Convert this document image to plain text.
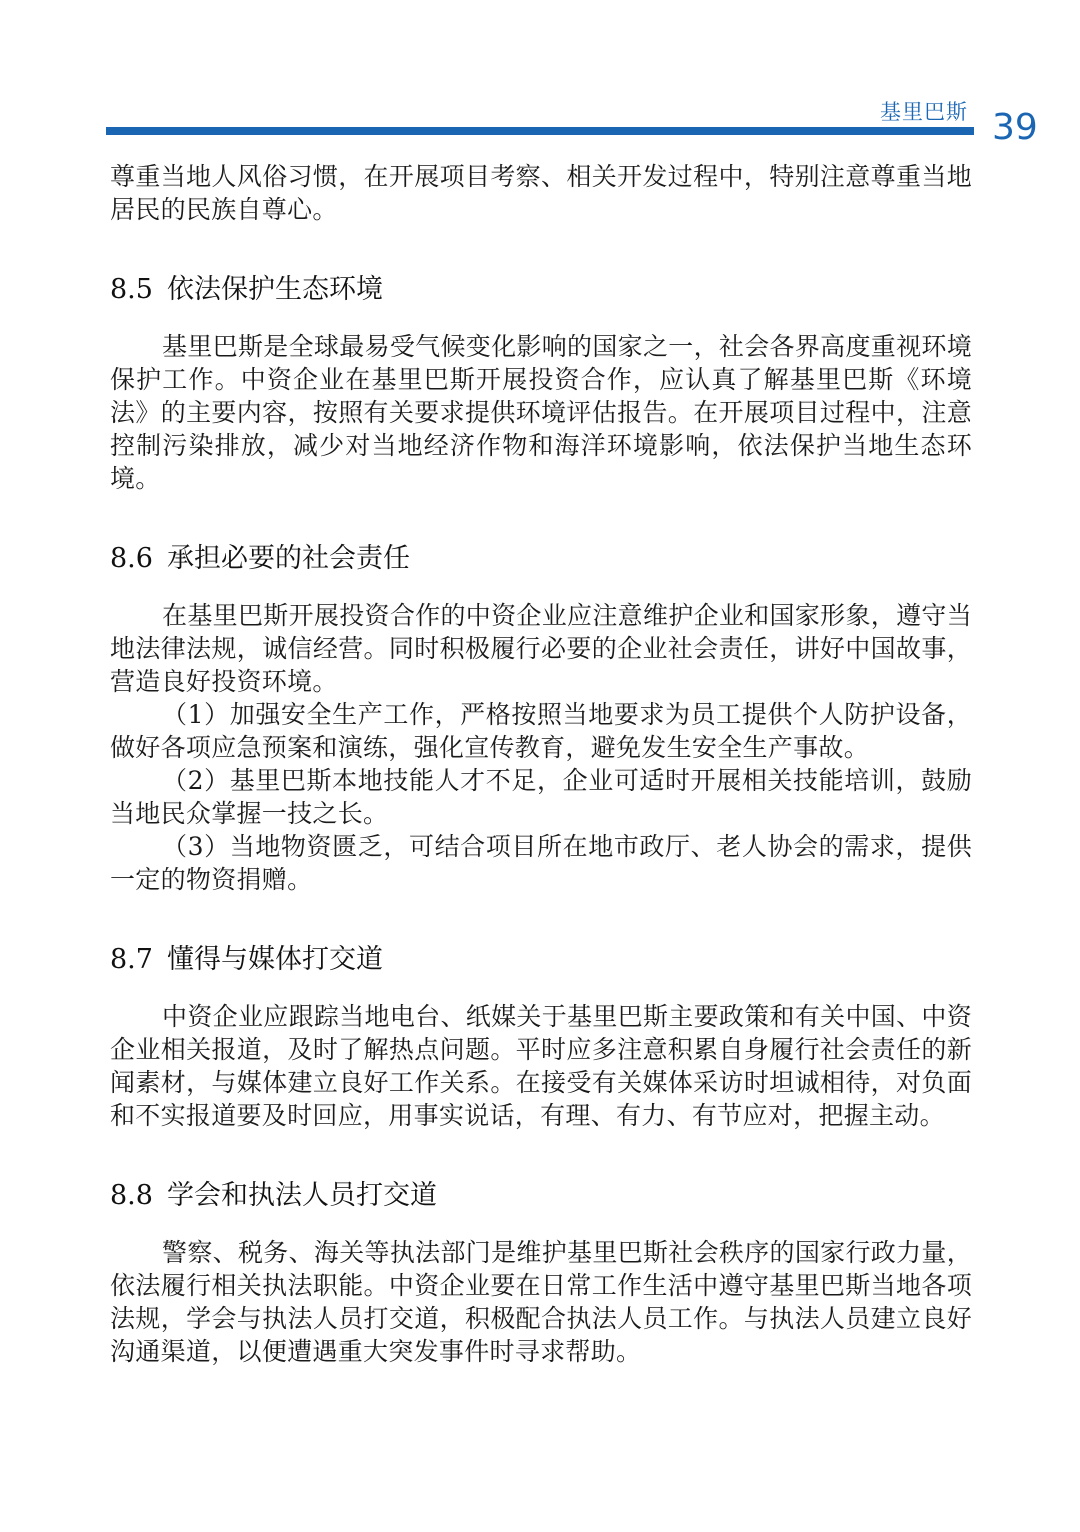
基里巴斯 39

尊重当地人风俗习惯，在开展项目考察、相关开发过程中，特别注意尊重当地居民的民族自尊心。

8.5 依法保护生态环境

基里巴斯是全球最易受气候变化影响的国家之一，社会各界高度重视环境保护工作。中资企业在基里巴斯开展投资合作，应认真了解基里巴斯《环境法》的主要内容，按照有关要求提供环境评估报告。在开展项目过程中，注意控制污染排放，减少对当地经济作物和海洋环境影响，依法保护当地生态环境。

8.6 承担必要的社会责任

在基里巴斯开展投资合作的中资企业应注意维护企业和国家形象，遵守当地法律法规，诚信经营。同时积极履行必要的企业社会责任，讲好中国故事，营造良好投资环境。

（1）加强安全生产工作，严格按照当地要求为员工提供个人防护设备，做好各项应急预案和演练，强化宣传教育，避免发生安全生产事故。

（2）基里巴斯本地技能人才不足，企业可适时开展相关技能培训，鼓励当地民众掌握一技之长。

（3）当地物资匮乏，可结合项目所在地市政厅、老人协会的需求，提供一定的物资捐赠。

8.7 懂得与媒体打交道

中资企业应跟踪当地电台、纸媒关于基里巴斯主要政策和有关中国、中资企业相关报道，及时了解热点问题。平时应多注意积累自身履行社会责任的新闻素材，与媒体建立良好工作关系。在接受有关媒体采访时坦诚相待，对负面和不实报道要及时回应，用事实说话，有理、有力、有节应对，把握主动。

8.8 学会和执法人员打交道

警察、税务、海关等执法部门是维护基里巴斯社会秩序的国家行政力量，依法履行相关执法职能。中资企业要在日常工作生活中遵守基里巴斯当地各项法规，学会与执法人员打交道，积极配合执法人员工作。与执法人员建立良好沟通渠道，以便遭遇重大突发事件时寻求帮助。
